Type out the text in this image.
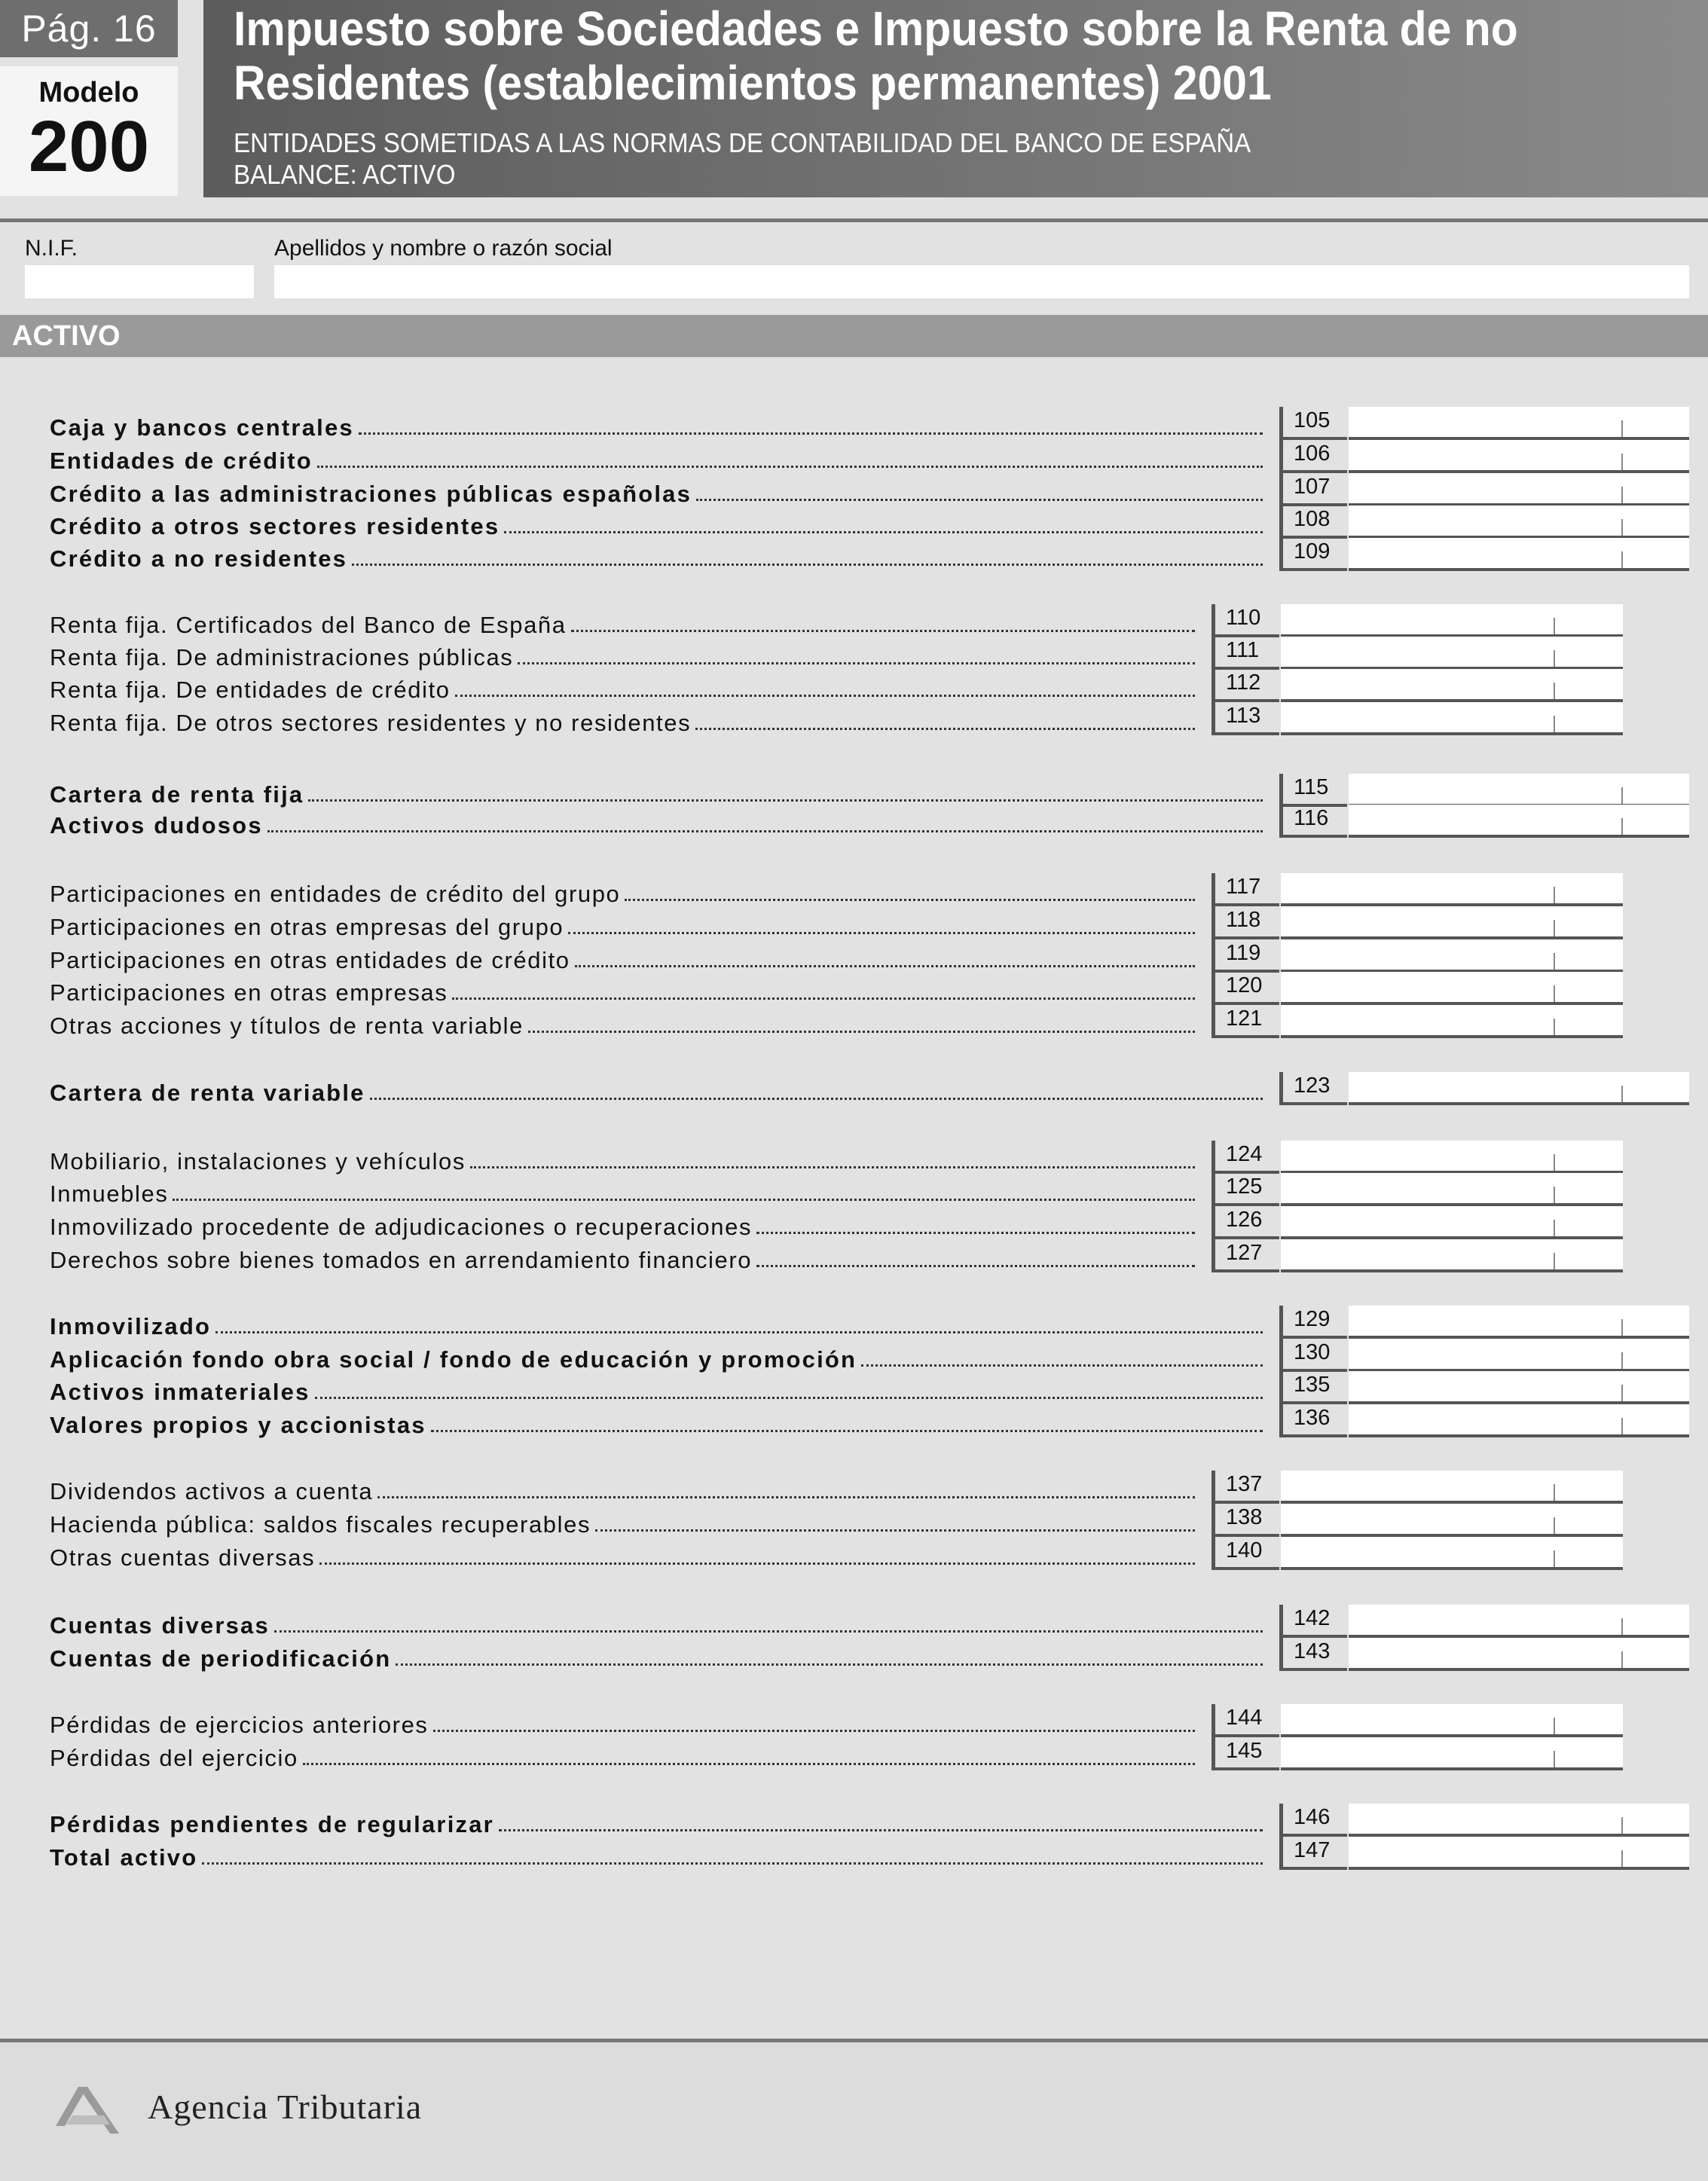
Pág. 16
Modelo
200
Impuesto sobre Sociedades e Impuesto sobre la Renta de no
Residentes (establecimientos permanentes) 2001
ENTIDADES SOMETIDAS A LAS NORMAS DE CONTABILIDAD DEL BANCO DE ESPAÑA
BALANCE: ACTIVO
N.I.F.	Apellidos y nombre o razón social
ACTIVO
Caja y bancos centrales	105
Entidades de crédito	106
Crédito a las administraciones públicas españolas	107
Crédito a otros sectores residentes	108
Crédito a no residentes	109
Renta fija. Certificados del Banco de España	110
Renta fija. De administraciones públicas	111
Renta fija. De entidades de crédito	112
Renta fija. De otros sectores residentes y no residentes	113
Cartera de renta fija	115
Activos dudosos	116
Participaciones en entidades de crédito del grupo	117
Participaciones en otras empresas del grupo	118
Participaciones en otras entidades de crédito	119
Participaciones en otras empresas	120
Otras acciones y títulos de renta variable	121
Cartera de renta variable	123
Mobiliario, instalaciones y vehículos	124
Inmuebles	125
Inmovilizado procedente de adjudicaciones o recuperaciones	126
Derechos sobre bienes tomados en arrendamiento financiero	127
Inmovilizado	129
Aplicación fondo obra social / fondo de educación y promoción	130
Activos inmateriales	135
Valores propios y accionistas	136
Dividendos activos a cuenta	137
Hacienda pública: saldos fiscales recuperables	138
Otras cuentas diversas	140
Cuentas diversas	142
Cuentas de periodificación	143
Pérdidas de ejercicios anteriores	144
Pérdidas del ejercicio	145
Pérdidas pendientes de regularizar	146
Total activo	147
Agencia Tributaria
